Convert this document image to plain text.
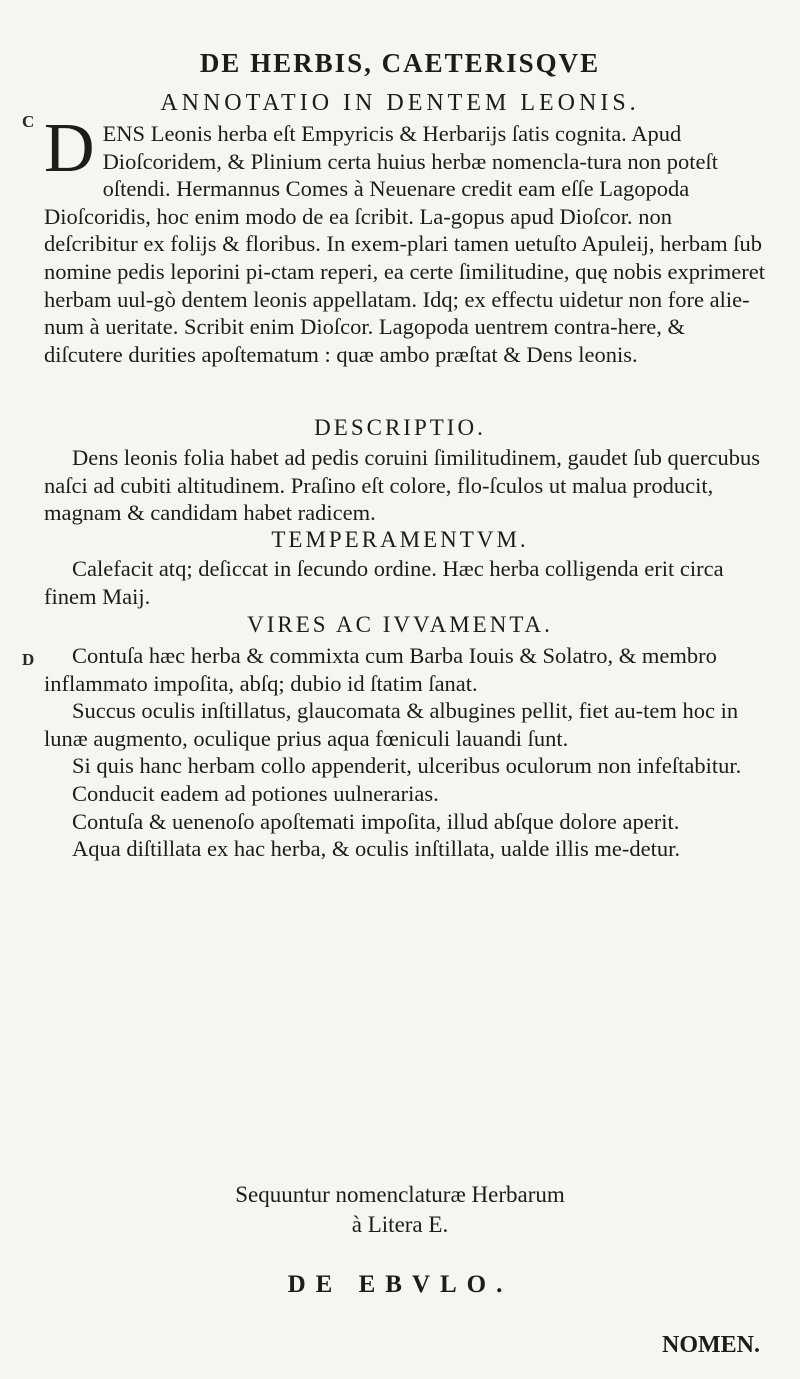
DE HERBIS, CAETERISQVE
ANNOTATIO IN DENTEM LEONIS.
C
D
D ENS Leonis herba eſt Empyricis & Herbarijs ſatis cognita. Apud Dioſcoridem, & Plinium certa huius herbæ nomencla-tura non poteſt oſtendi. Hermannus Comes à Neuenare credit eam eſſe Lagopoda Dioſcoridis, hoc enim modo de ea ſcribit. La-gopus apud Dioſcor. non deſcribitur ex folijs & floribus. In exem-plari tamen uetuſto Apuleij, herbam ſub nomine pedis leporini pi-ctam reperi, ea certe ſimilitudine, quę nobis exprimeret herbam uul-gò dentem leonis appellatam. Idq; ex effectu uidetur non fore alie-num à ueritate. Scribit enim Dioſcor. Lagopoda uentrem contra-here, & diſcutere durities apoſtematum : quæ ambo præſtat & Dens leonis.
DESCRIPTIO.

Dens leonis folia habet ad pedis coruini ſimilitudinem, gaudet ſub quercubus naſci ad cubiti altitudinem. Praſino eſt colore, flo-ſculos ut malua producit, magnam & candidam habet radicem.

TEMPERAMENTVM.

Calefacit atq; deſiccat in ſecundo ordine. Hæc herba colligenda erit circa finem Maij.

VIRES AC IVVAMENTA.

Contuſa hæc herba & commixta cum Barba Iouis & Solatro, & membro inflammato impoſita, abſq; dubio id ſtatim ſanat.

Succus oculis inſtillatus, glaucomata & albugines pellit, fiet au-tem hoc in lunæ augmento, oculique prius aqua fœniculi lauandi ſunt.

Si quis hanc herbam collo appenderit, ulceribus oculorum non infeſtabitur.

Conducit eadem ad potiones uulnerarias.

Contuſa & uenenoſo apoſtemati impoſita, illud abſque dolore aperit.

Aqua diſtillata ex hac herba, & oculis inſtillata, ualde illis me-detur.

Sequuntur nomenclaturæ Herbarum
à Litera E.
DE EBVLO.
NOMEN.
